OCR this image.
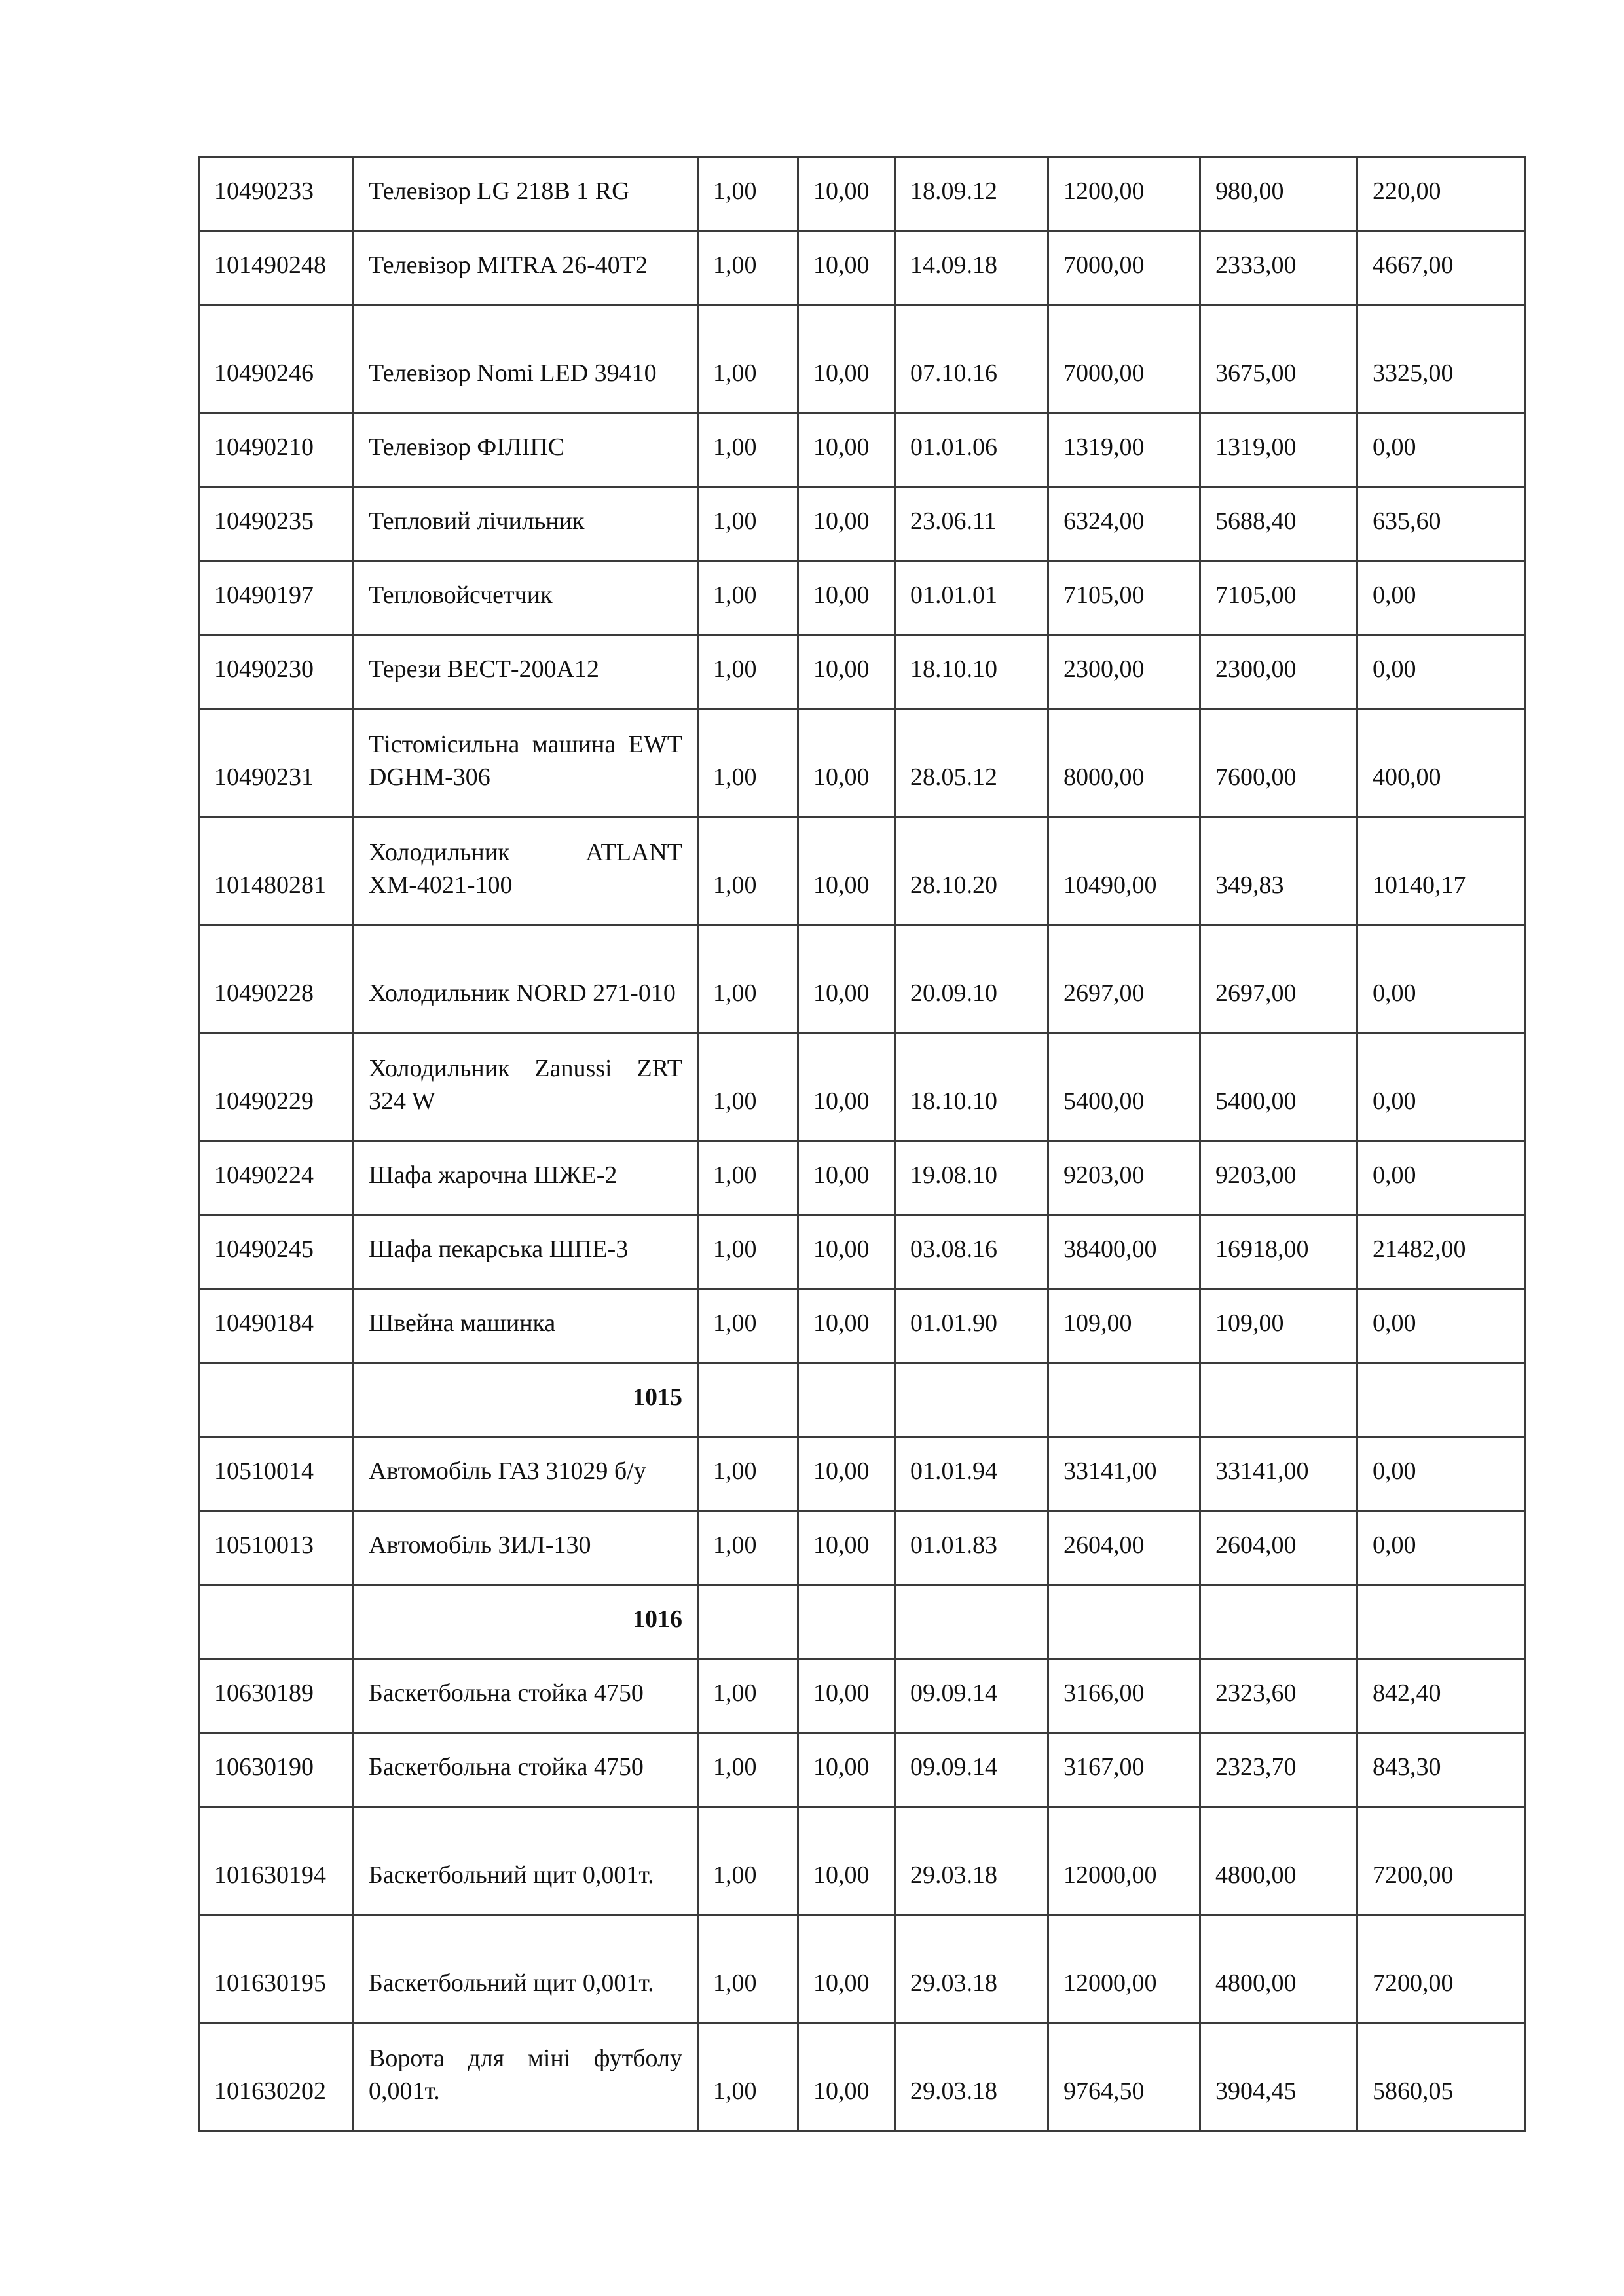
10490233	Телевізор LG 218B 1 RG	1,00	10,00	18.09.12	1200,00	980,00	220,00
101490248	Телевізор MITRA 26-40T2	1,00	10,00	14.09.18	7000,00	2333,00	4667,00
10490246	Телевізор Nomi LED 39410	1,00	10,00	07.10.16	7000,00	3675,00	3325,00
10490210	Телевізор ФІЛІПС	1,00	10,00	01.01.06	1319,00	1319,00	0,00
10490235	Тепловий лічильник	1,00	10,00	23.06.11	6324,00	5688,40	635,60
10490197	Тепловойсчетчик	1,00	10,00	01.01.01	7105,00	7105,00	0,00
10490230	Терези ВЕСТ-200А12	1,00	10,00	18.10.10	2300,00	2300,00	0,00
10490231	Тістомісильна машина EWT DGHM-306	1,00	10,00	28.05.12	8000,00	7600,00	400,00
101480281	Холодильник ATLANT ХМ-4021-100	1,00	10,00	28.10.20	10490,00	349,83	10140,17
10490228	Холодильник NORD 271-010	1,00	10,00	20.09.10	2697,00	2697,00	0,00
10490229	Холодильник Zanussi ZRT 324 W	1,00	10,00	18.10.10	5400,00	5400,00	0,00
10490224	Шафа жарочна ШЖЕ-2	1,00	10,00	19.08.10	9203,00	9203,00	0,00
10490245	Шафа пекарська ШПЕ-3	1,00	10,00	03.08.16	38400,00	16918,00	21482,00
10490184	Швейна машинка	1,00	10,00	01.01.90	109,00	109,00	0,00
	1015						
10510014	Автомобіль ГАЗ 31029 б/у	1,00	10,00	01.01.94	33141,00	33141,00	0,00
10510013	Автомобіль ЗИЛ-130	1,00	10,00	01.01.83	2604,00	2604,00	0,00
	1016						
10630189	Баскетбольна стойка 4750	1,00	10,00	09.09.14	3166,00	2323,60	842,40
10630190	Баскетбольна стойка 4750	1,00	10,00	09.09.14	3167,00	2323,70	843,30
101630194	Баскетбольний щит 0,001т.	1,00	10,00	29.03.18	12000,00	4800,00	7200,00
101630195	Баскетбольний щит 0,001т.	1,00	10,00	29.03.18	12000,00	4800,00	7200,00
101630202	Ворота для міні футболу 0,001т.	1,00	10,00	29.03.18	9764,50	3904,45	5860,05
